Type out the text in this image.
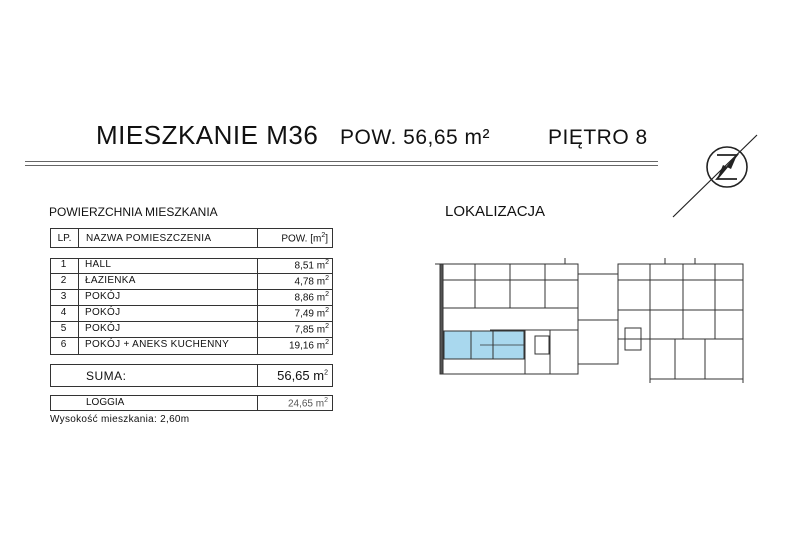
MIESZKANIE M36 POW. 56,65 m²	PIĘTRO 8
POWIERZCHNIA MIESZKANIA	LOKALIZACJA
LP.	NAZWA POMIESZCZENIA	POW. $[m^2]$
1	HALL	8,51 $m^2$
2	ŁAZIENKA	4,78 $m^2$
3	POKÓJ	8,86 $m^2$
4	POKÓJ	7,49 $m^2$
5	POKÓJ	7,85 $m^2$
6	POKÓJ + ANEKS KUCHENNY	19,16 $m^2$
SUMA:	56,65 $m^2$
LOGGIA	24,65 $m^2$
Wysokość mieszkania: 2,60m
